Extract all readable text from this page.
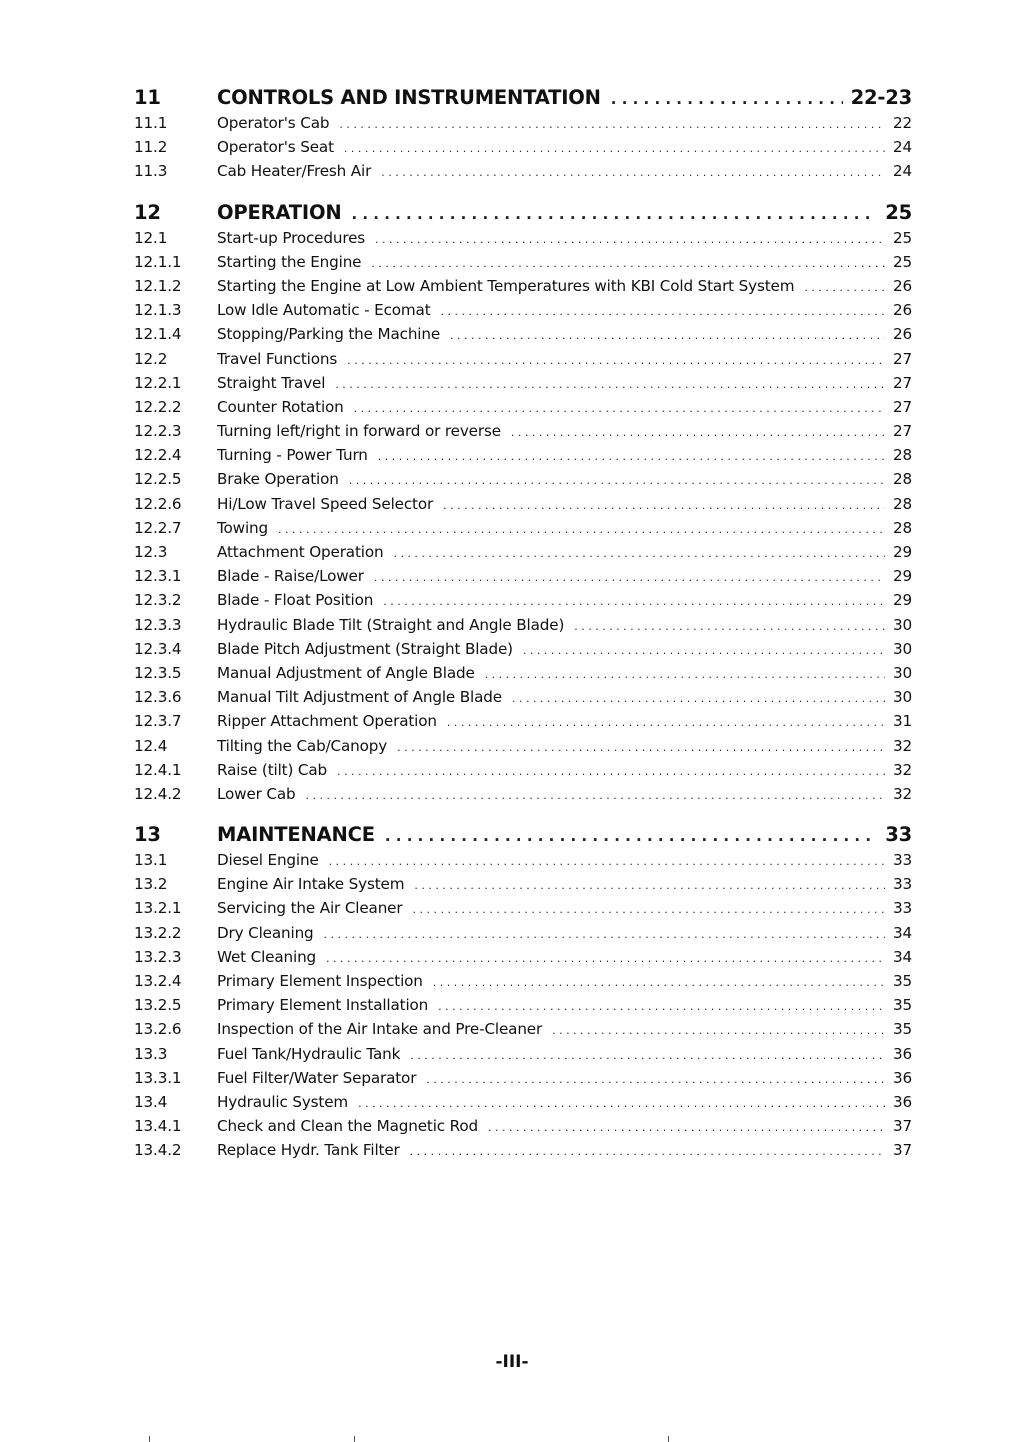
11	CONTROLS AND INSTRUMENTATION . . .	22-23
11.1	Operator's Cab . . .	22
11.2	Operator's Seat . . .	24
11.3	Cab Heater/Fresh Air . . .	24
12	OPERATION . . .	25
12.1	Start-up Procedures . . .	25
12.1.1	Starting the Engine . . .	25
12.1.2	Starting the Engine at Low Ambient Temperatures with KBI Cold Start System . . .	26
12.1.3	Low Idle Automatic - Ecomat . . .	26
12.1.4	Stopping/Parking the Machine . . .	26
12.2	Travel Functions . . .	27
12.2.1	Straight Travel . . .	27
12.2.2	Counter Rotation . . .	27
12.2.3	Turning left/right in forward or reverse . . .	27
12.2.4	Turning - Power Turn . . .	28
12.2.5	Brake Operation . . .	28
12.2.6	Hi/Low Travel Speed Selector . . .	28
12.2.7	Towing . . .	28
12.3	Attachment Operation . . .	29
12.3.1	Blade - Raise/Lower . . .	29
12.3.2	Blade - Float Position . . .	29
12.3.3	Hydraulic Blade Tilt (Straight and Angle Blade) . . .	30
12.3.4	Blade Pitch Adjustment (Straight Blade) . . .	30
12.3.5	Manual Adjustment of Angle Blade . . .	30
12.3.6	Manual Tilt Adjustment of Angle Blade . . .	30
12.3.7	Ripper Attachment Operation . . .	31
12.4	Tilting the Cab/Canopy . . .	32
12.4.1	Raise (tilt) Cab . . .	32
12.4.2	Lower Cab . . .	32
13	MAINTENANCE . . .	33
13.1	Diesel Engine . . .	33
13.2	Engine Air Intake System . . .	33
13.2.1	Servicing the Air Cleaner . . .	33
13.2.2	Dry Cleaning . . .	34
13.2.3	Wet Cleaning . . .	34
13.2.4	Primary Element Inspection . . .	35
13.2.5	Primary Element Installation . . .	35
13.2.6	Inspection of the Air Intake and Pre-Cleaner . . .	35
13.3	Fuel Tank/Hydraulic Tank . . .	36
13.3.1	Fuel Filter/Water Separator . . .	36
13.4	Hydraulic System . . .	36
13.4.1	Check and Clean the Magnetic Rod . . .	37
13.4.2	Replace Hydr. Tank Filter . . .	37
-III-
